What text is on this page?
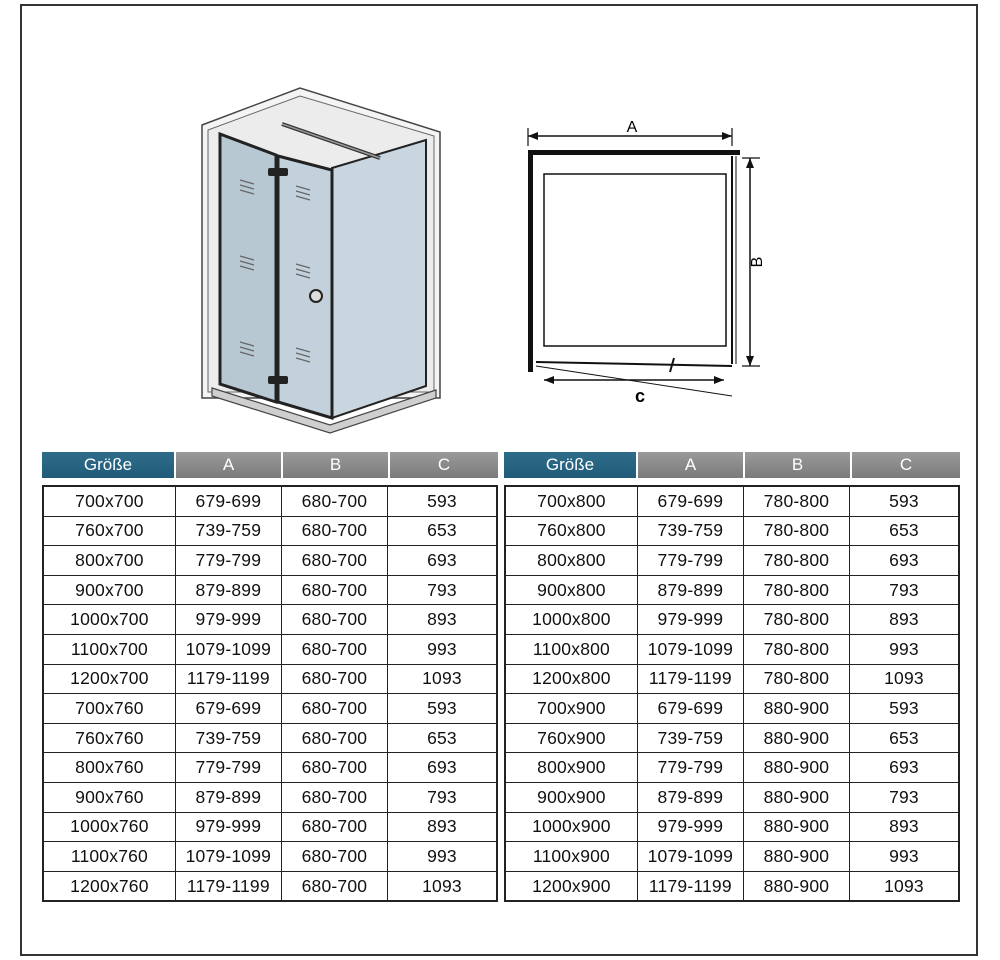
A
B
c
Größe	A	B	C
700x700	679-699	680-700	593
760x700	739-759	680-700	653
800x700	779-799	680-700	693
900x700	879-899	680-700	793
1000x700	979-999	680-700	893
1100x700	1079-1099	680-700	993
1200x700	1179-1199	680-700	1093
700x760	679-699	680-700	593
760x760	739-759	680-700	653
800x760	779-799	680-700	693
900x760	879-899	680-700	793
1000x760	979-999	680-700	893
1100x760	1079-1099	680-700	993
1200x760	1179-1199	680-700	1093
Größe	A	B	C
700x800	679-699	780-800	593
760x800	739-759	780-800	653
800x800	779-799	780-800	693
900x800	879-899	780-800	793
1000x800	979-999	780-800	893
1100x800	1079-1099	780-800	993
1200x800	1179-1199	780-800	1093
700x900	679-699	880-900	593
760x900	739-759	880-900	653
800x900	779-799	880-900	693
900x900	879-899	880-900	793
1000x900	979-999	880-900	893
1100x900	1079-1099	880-900	993
1200x900	1179-1199	880-900	1093
